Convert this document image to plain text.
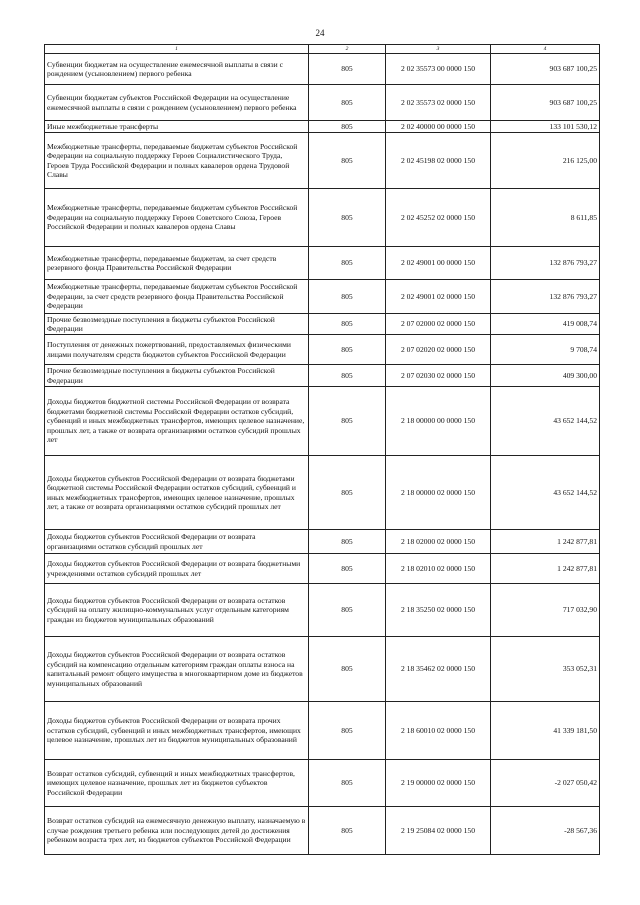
24
1	2	3	4
Субвенции бюджетам на осуществление ежемесячной выплаты в связи с рождением (усыновлением) первого ребенка	805	2 02 35573 00 0000 150	903 687 100,25
Субвенции бюджетам субъектов Российской Федерации на осуществление ежемесячной выплаты в связи с рождением (усыновлением) первого ребенка	805	2 02 35573 02 0000 150	903 687 100,25
Иные межбюджетные трансферты	805	2 02 40000 00 0000 150	133 101 530,12
Межбюджетные трансферты, передаваемые бюджетам субъектов Российской Федерации на социальную поддержку Героев Социалистического Труда, Героев Труда Российской Федерации и полных кавалеров ордена Трудовой Славы	805	2 02 45198 02 0000 150	216 125,00
Межбюджетные трансферты, передаваемые бюджетам субъектов Российской Федерации на социальную поддержку Героев Советского Союза, Героев Российской Федерации и полных кавалеров ордена Славы	805	2 02 45252 02 0000 150	8 611,85
Межбюджетные трансферты, передаваемые бюджетам, за счет средств резервного фонда Правительства Российской Федерации	805	2 02 49001 00 0000 150	132 876 793,27
Межбюджетные трансферты, передаваемые бюджетам субъектов Российской Федерации, за счет средств резервного фонда Правительства Российской Федерации	805	2 02 49001 02 0000 150	132 876 793,27
Прочие безвозмездные поступления в бюджеты субъектов Российской Федерации	805	2 07 02000 02 0000 150	419 008,74
Поступления от денежных пожертвований, предоставляемых физическими лицами получателям средств бюджетов субъектов Российской Федерации	805	2 07 02020 02 0000 150	9 708,74
Прочие безвозмездные поступления в бюджеты субъектов Российской Федерации	805	2 07 02030 02 0000 150	409 300,00
Доходы бюджетов бюджетной системы Российской Федерации от возврата бюджетами бюджетной системы Российской Федерации остатков субсидий, субвенций и иных межбюджетных трансфертов, имеющих целевое назначение, прошлых лет, а также от возврата организациями остатков субсидий прошлых лет	805	2 18 00000 00 0000 150	43 652 144,52
Доходы бюджетов субъектов Российской Федерации от возврата бюджетами бюджетной системы Российской Федерации остатков субсидий, субвенций и иных межбюджетных трансфертов, имеющих целевое назначение, прошлых лет, а также от возврата организациями остатков субсидий прошлых лет	805	2 18 00000 02 0000 150	43 652 144,52
Доходы бюджетов субъектов Российской Федерации от возврата организациями остатков субсидий прошлых лет	805	2 18 02000 02 0000 150	1 242 877,81
Доходы бюджетов субъектов Российской Федерации от возврата бюджетными учреждениями остатков субсидий прошлых лет	805	2 18 02010 02 0000 150	1 242 877,81
Доходы бюджетов субъектов Российской Федерации от возврата остатков субсидий на оплату жилищно-коммунальных услуг отдельным категориям граждан из бюджетов муниципальных образований	805	2 18 35250 02 0000 150	717 032,90
Доходы бюджетов субъектов Российской Федерации от возврата остатков субсидий на компенсацию отдельным категориям граждан оплаты взноса на капитальный ремонт общего имущества в многоквартирном доме из бюджетов муниципальных образований	805	2 18 35462 02 0000 150	353 052,31
Доходы бюджетов субъектов Российской Федерации от возврата прочих остатков субсидий, субвенций и иных межбюджетных трансфертов, имеющих целевое назначение, прошлых лет из бюджетов муниципальных образований	805	2 18 60010 02 0000 150	41 339 181,50
Возврат остатков субсидий, субвенций и иных межбюджетных трансфертов, имеющих целевое назначение, прошлых лет из бюджетов субъектов Российской Федерации	805	2 19 00000 02 0000 150	-2 027 050,42
Возврат остатков субсидий на ежемесячную денежную выплату, назначаемую в случае рождения третьего ребенка или последующих детей до достижения ребенком возраста трех лет, из бюджетов субъектов Российской Федерации	805	2 19 25084 02 0000 150	-28 567,36
